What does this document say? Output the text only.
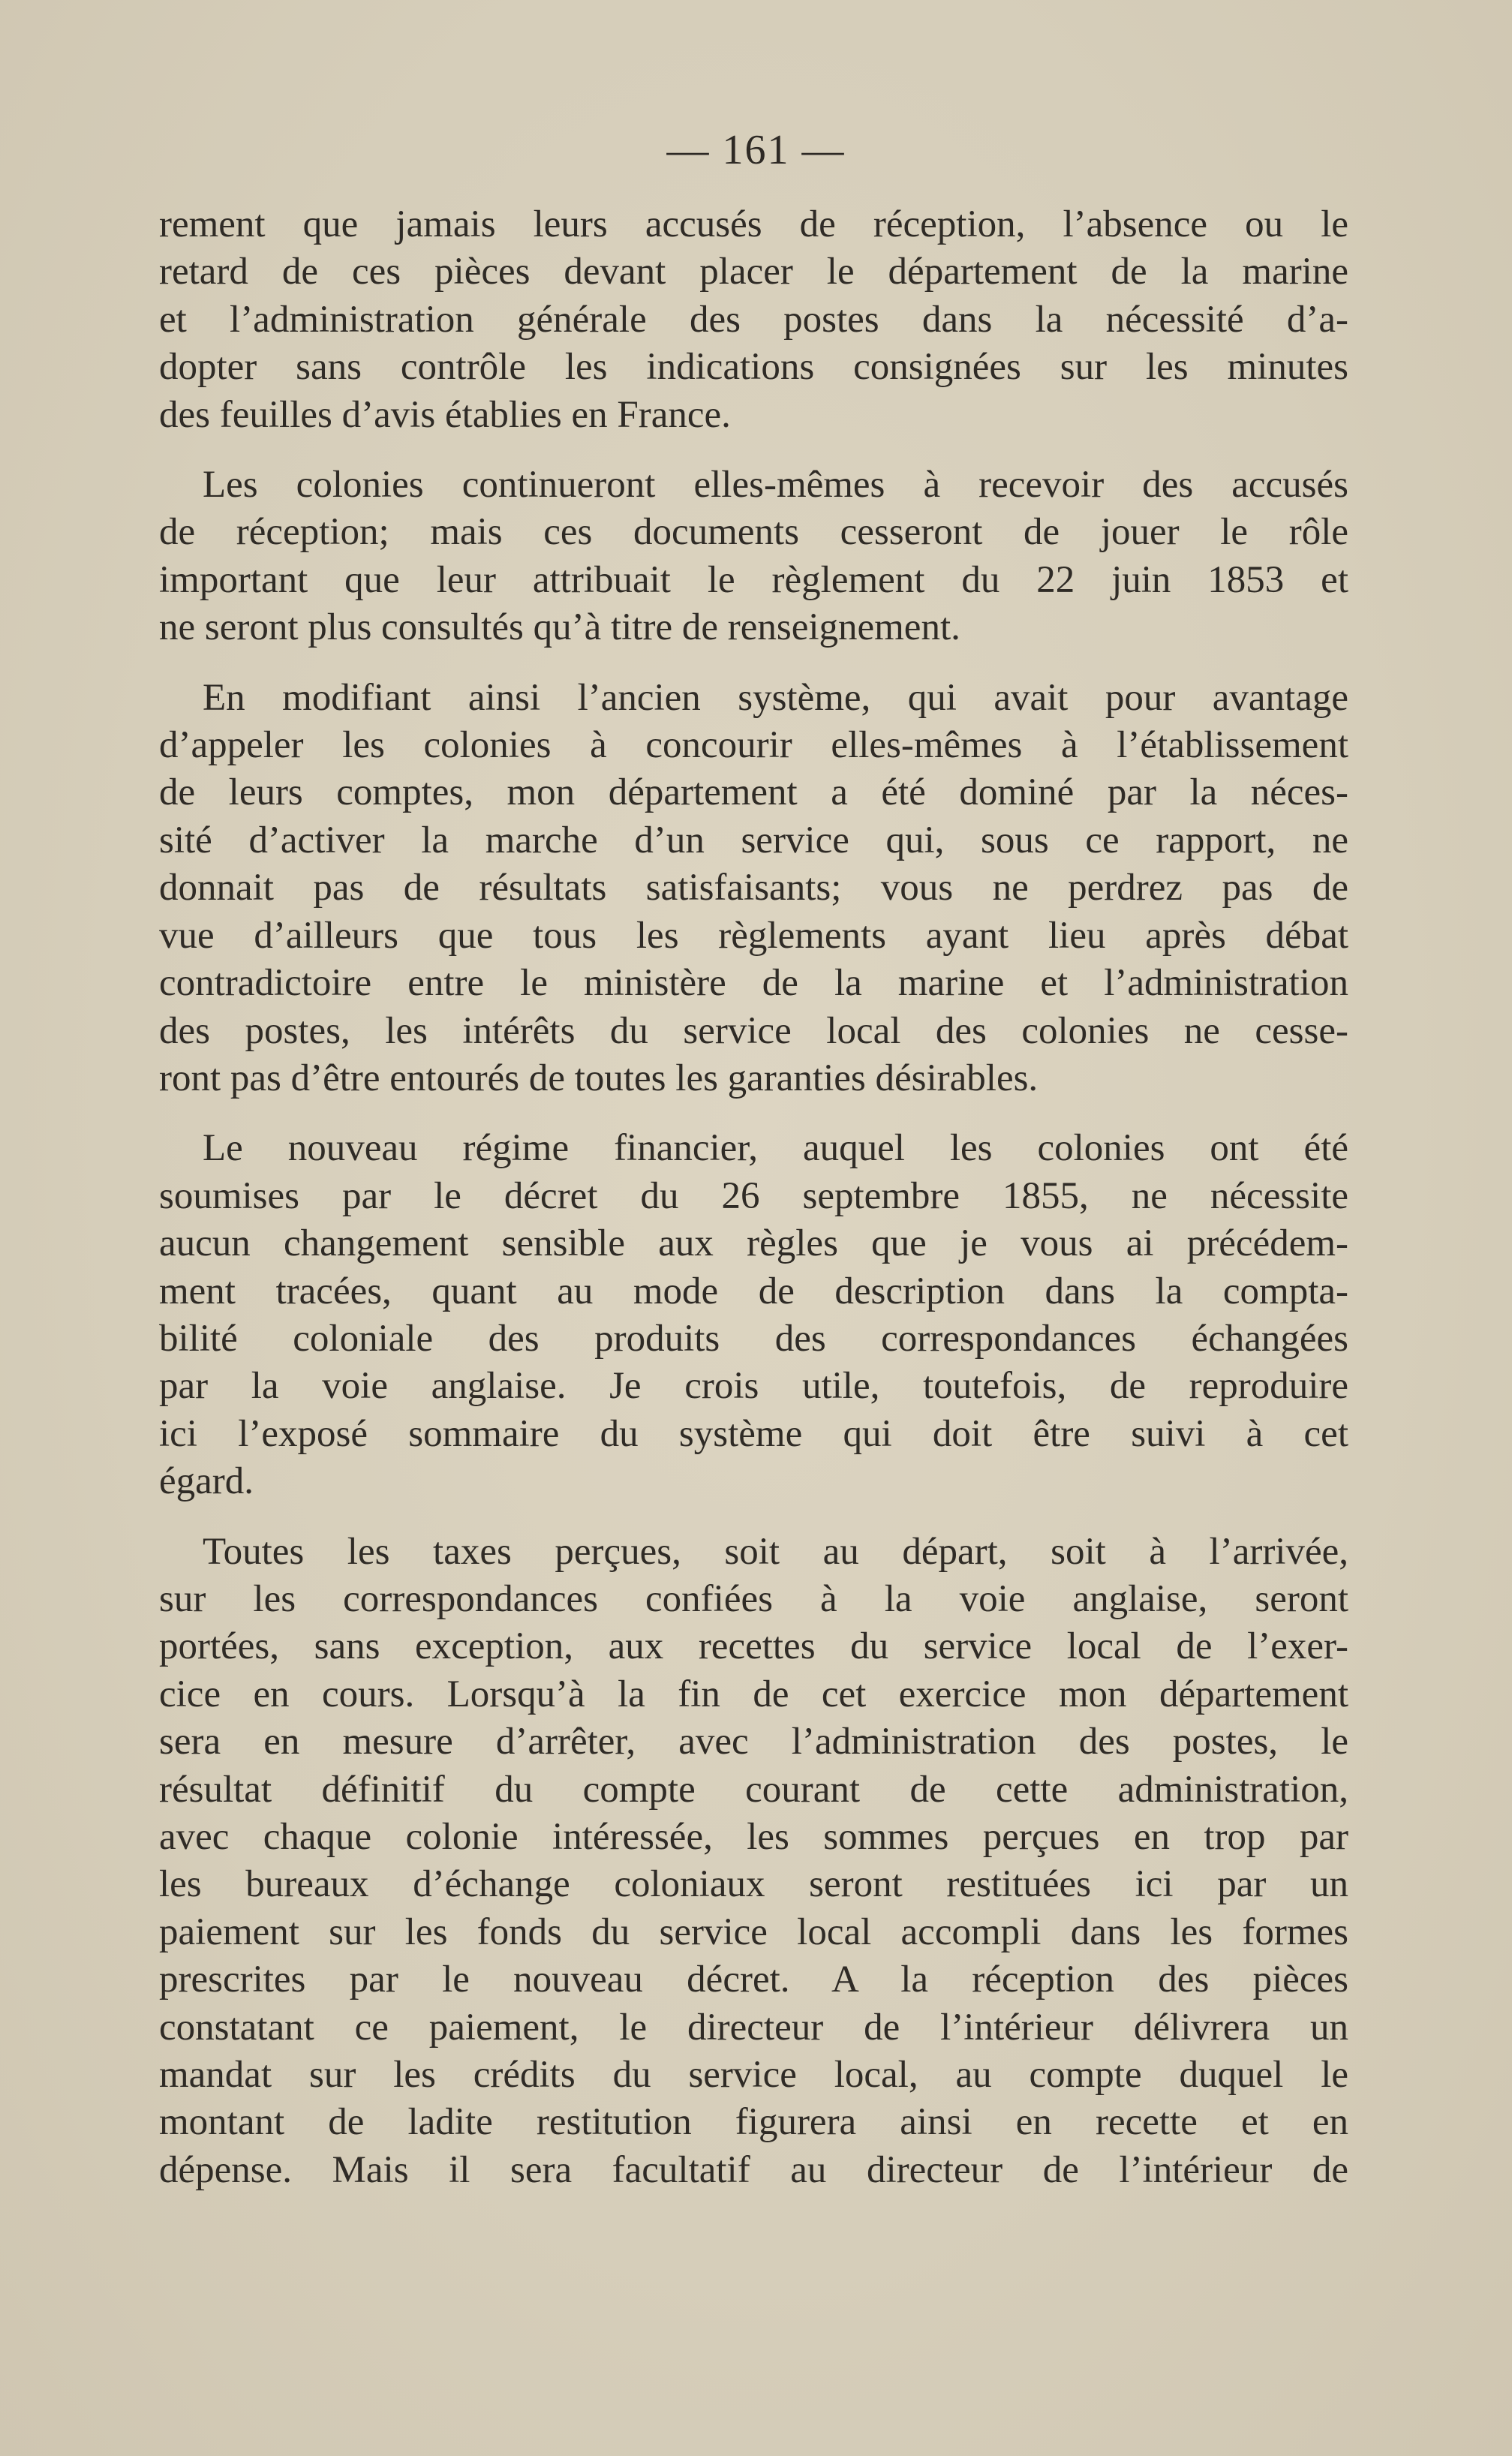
— 161 —
rement que jamais leurs accusés de réception, l’absence ou le
retard de ces pièces devant placer le département de la marine
et l’administration générale des postes dans la nécessité d’a-
dopter sans contrôle les indications consignées sur les minutes
des feuilles d’avis établies en France.
Les colonies continueront elles-mêmes à recevoir des accusés
de réception; mais ces documents cesseront de jouer le rôle
important que leur attribuait le règlement du 22 juin 1853 et
ne seront plus consultés qu’à titre de renseignement.
En modifiant ainsi l’ancien système, qui avait pour avantage
d’appeler les colonies à concourir elles-mêmes à l’établissement
de leurs comptes, mon département a été dominé par la néces-
sité d’activer la marche d’un service qui, sous ce rapport, ne
donnait pas de résultats satisfaisants; vous ne perdrez pas de
vue d’ailleurs que tous les règlements ayant lieu après débat
contradictoire entre le ministère de la marine et l’administration
des postes, les intérêts du service local des colonies ne cesse-
ront pas d’être entourés de toutes les garanties désirables.
Le nouveau régime financier, auquel les colonies ont été
soumises par le décret du 26 septembre 1855, ne nécessite
aucun changement sensible aux règles que je vous ai précédem-
ment tracées, quant au mode de description dans la compta-
bilité coloniale des produits des correspondances échangées
par la voie anglaise. Je crois utile, toutefois, de reproduire
ici l’exposé sommaire du système qui doit être suivi à cet
égard.
Toutes les taxes perçues, soit au départ, soit à l’arrivée,
sur les correspondances confiées à la voie anglaise, seront
portées, sans exception, aux recettes du service local de l’exer-
cice en cours. Lorsqu’à la fin de cet exercice mon département
sera en mesure d’arrêter, avec l’administration des postes, le
résultat définitif du compte courant de cette administration,
avec chaque colonie intéressée, les sommes perçues en trop par
les bureaux d’échange coloniaux seront restituées ici par un
paiement sur les fonds du service local accompli dans les formes
prescrites par le nouveau décret. A la réception des pièces
constatant ce paiement, le directeur de l’intérieur délivrera un
mandat sur les crédits du service local, au compte duquel le
montant de ladite restitution figurera ainsi en recette et en
dépense. Mais il sera facultatif au directeur de l’intérieur de
